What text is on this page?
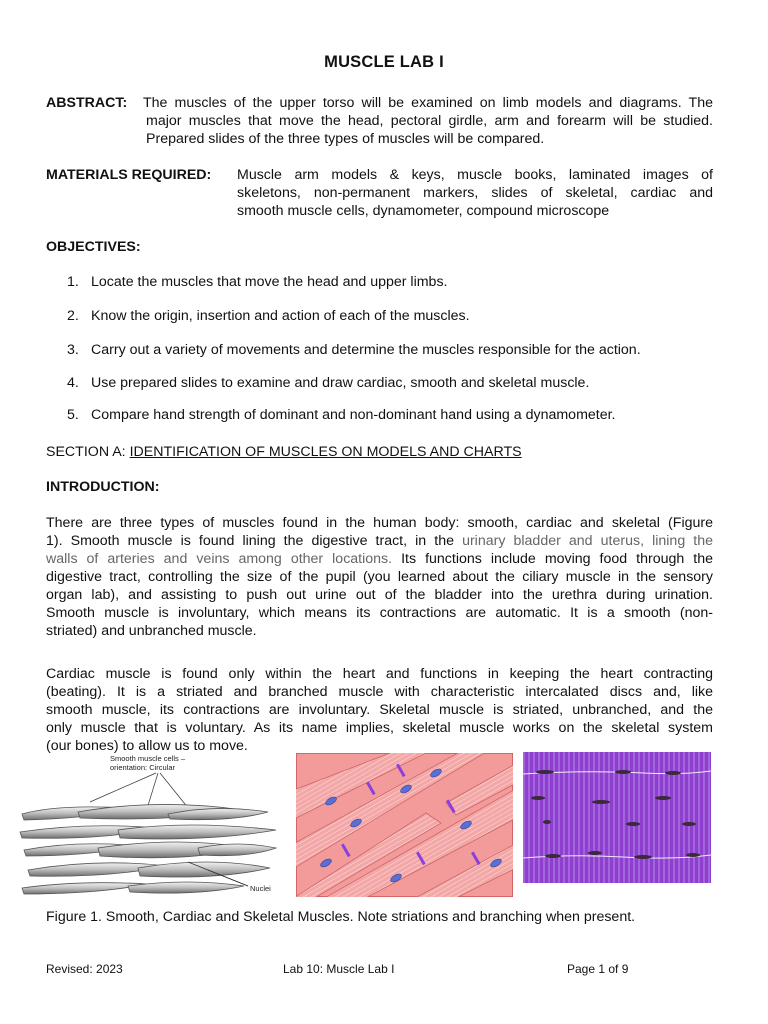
MUSCLE LAB I
ABSTRACT: The muscles of the upper torso will be examined on limb models and diagrams. The
major muscles that move the head, pectoral girdle, arm and forearm will be studied.
Prepared slides of the three types of muscles will be compared.
MATERIALS REQUIRED: Muscle arm models & keys, muscle books, laminated images of
skeletons, non-permanent markers, slides of skeletal, cardiac and
smooth muscle cells, dynamometer, compound microscope
OBJECTIVES:
1. Locate the muscles that move the head and upper limbs.
2. Know the origin, insertion and action of each of the muscles.
3. Carry out a variety of movements and determine the muscles responsible for the action.
4. Use prepared slides to examine and draw cardiac, smooth and skeletal muscle.
5. Compare hand strength of dominant and non-dominant hand using a dynamometer.
SECTION A: IDENTIFICATION OF MUSCLES ON MODELS AND CHARTS
INTRODUCTION:
There are three types of muscles found in the human body: smooth, cardiac and skeletal (Figure
1). Smooth muscle is found lining the digestive tract, in the urinary bladder and uterus, lining the
walls of arteries and veins among other locations. Its functions include moving food through the
digestive tract, controlling the size of the pupil (you learned about the ciliary muscle in the sensory
organ lab), and assisting to push out urine out of the bladder into the urethra during urination.
Smooth muscle is involuntary, which means its contractions are automatic. It is a smooth (non-
striated) and unbranched muscle.
Cardiac muscle is found only within the heart and functions in keeping the heart contracting
(beating). It is a striated and branched muscle with characteristic intercalated discs and, like
smooth muscle, its contractions are involuntary. Skeletal muscle is striated, unbranched, and the
only muscle that is voluntary. As its name implies, skeletal muscle works on the skeletal system
(our bones) to allow us to move.
Smooth muscle cells –
orientation: Circular
Nuclei
Figure 1. Smooth, Cardiac and Skeletal Muscles. Note striations and branching when present.
Revised: 2023	Lab 10: Muscle Lab I	Page 1 of 9
